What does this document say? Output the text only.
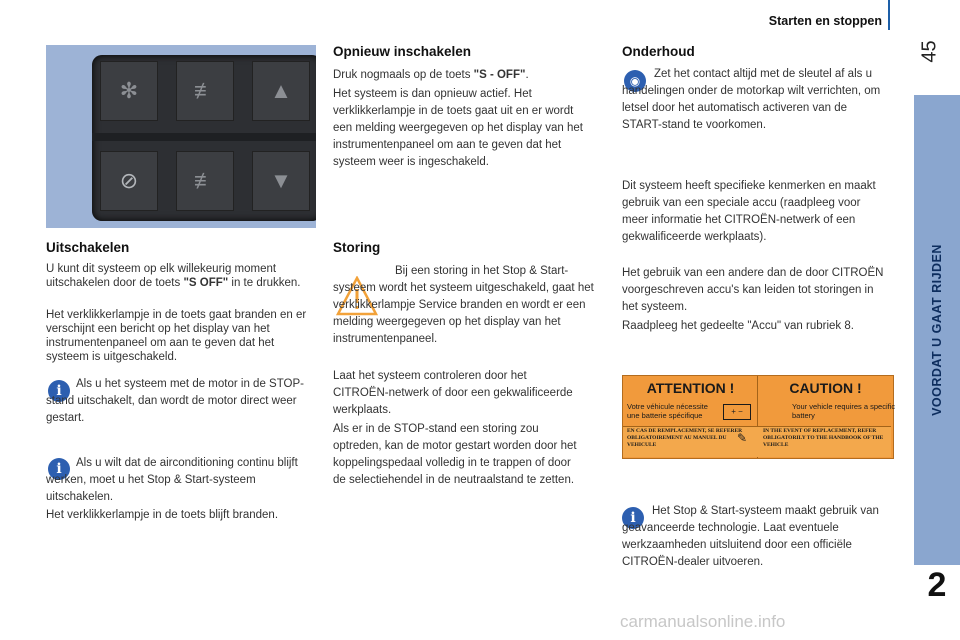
Starten en stoppen
45
VOORDAT U GAAT RIJDEN
2
✻	≢	▲
⊘	≢	▼
Uitschakelen

U kunt dit systeem op elk willekeurig moment uitschakelen door de toets "S OFF" in te drukken.

Het verklikkerlampje in de toets gaat branden en er verschijnt een bericht op het display van het instrumentenpaneel om aan te geven dat het systeem is uitgeschakeld.

i	Als u het systeem met de motor in de STOP-stand uitschakelt, dan wordt de motor direct weer gestart.

i	Als u wilt dat de airconditioning continu blijft werken, moet u het Stop & Start-systeem uitschakelen.

Het verklikkerlampje in de toets blijft branden.

Opnieuw inschakelen

Druk nogmaals op de toets "S - OFF".

Het systeem is dan opnieuw actief. Het verklikkerlampje in de toets gaat uit en er wordt een melding weergegeven op het display van het instrumentenpaneel om aan te geven dat het systeem weer is ingeschakeld.

Storing

Bij een storing in het Stop & Start-systeem wordt het systeem uitgeschakeld, gaat het verklikkerlampje Service branden en wordt er een melding weergegeven op het display van het instrumentenpaneel.

Laat het systeem controleren door het CITROËN-netwerk of door een gekwalificeerde werkplaats.

Als er in de STOP-stand een storing zou optreden, kan de motor gestart worden door het koppelingspedaal volledig in te trappen of door de selectiehendel in de neutraalstand te zetten.

Onderhoud
◉	Zet het contact altijd met de sleutel af als u handelingen onder de motorkap wilt verrichten, om letsel door het automatisch activeren van de START-stand te voorkomen.

Dit systeem heeft specifieke kenmerken en maakt gebruik van een speciale accu (raadpleeg voor meer informatie het CITROËN-netwerk of een gekwalificeerde werkplaats).

Het gebruik van een andere dan de door CITROËN voorgeschreven accu's kan leiden tot storingen in het systeem.

Raadpleeg het gedeelte "Accu" van rubriek 8.

ATTENTION !
Votre véhicule nécessite une batterie spécifique	+ −
CAUTION !
Your vehicle requires a specific battery
EN CAS DE REMPLACEMENT, SE REFERER OBLIGATOIREMENT AU MANUEL DU VEHICULE	✎	IN THE EVENT OF REPLACEMENT, REFER OBLIGATORILY TO THE HANDBOOK OF THE VEHICLE
i	Het Stop & Start-systeem maakt gebruik van geavanceerde technologie. Laat eventuele werkzaamheden uitsluitend door een officiële CITROËN-dealer uitvoeren.

carmanualsonline.info
